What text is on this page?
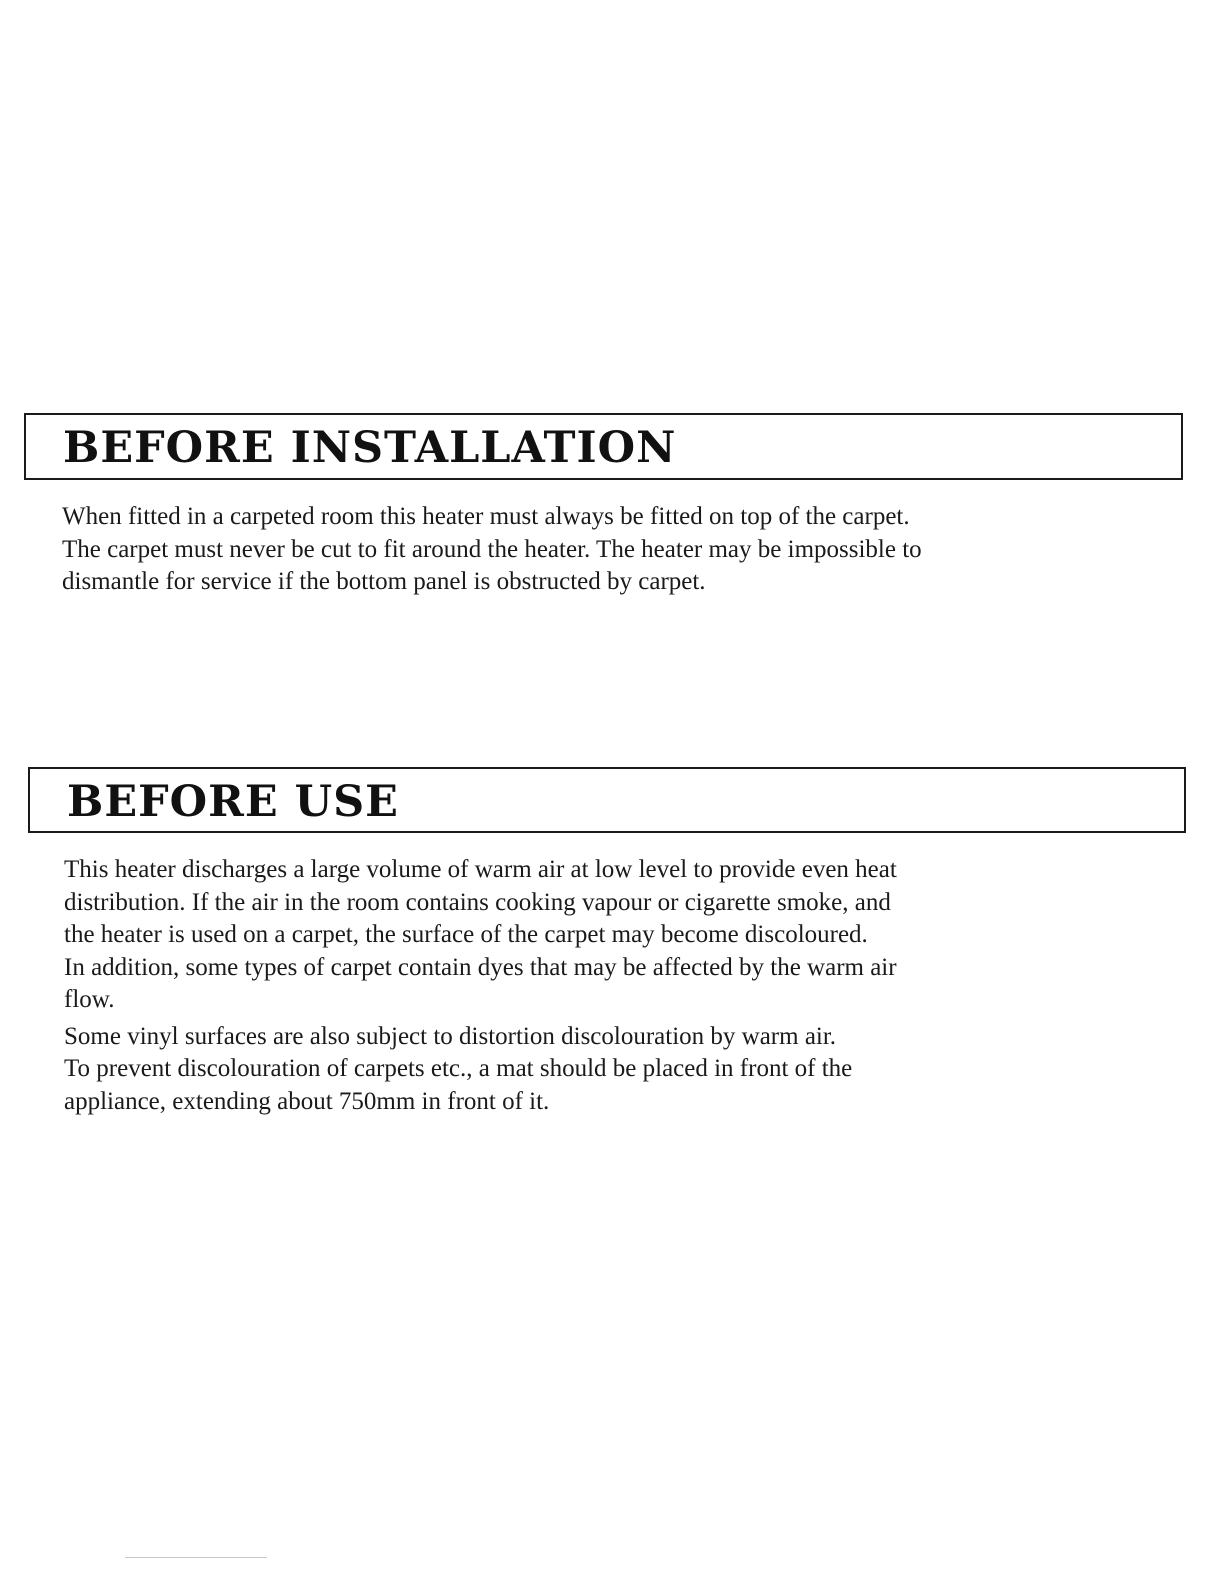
BEFORE INSTALLATION

When fitted in a carpeted room this heater must always be fitted on top of the carpet.

The carpet must never be cut to fit around the heater. The heater may be impossible to

dismantle for service if the bottom panel is obstructed by carpet.

BEFORE USE

This heater discharges a large volume of warm air at low level to provide even heat

distribution. If the air in the room contains cooking vapour or cigarette smoke, and

the heater is used on a carpet, the surface of the carpet may become discoloured.

In addition, some types of carpet contain dyes that may be affected by the warm air

flow.

Some vinyl surfaces are also subject to distortion discolouration by warm air.

To prevent discolouration of carpets etc., a mat should be placed in front of the

appliance, extending about 750mm in front of it.
